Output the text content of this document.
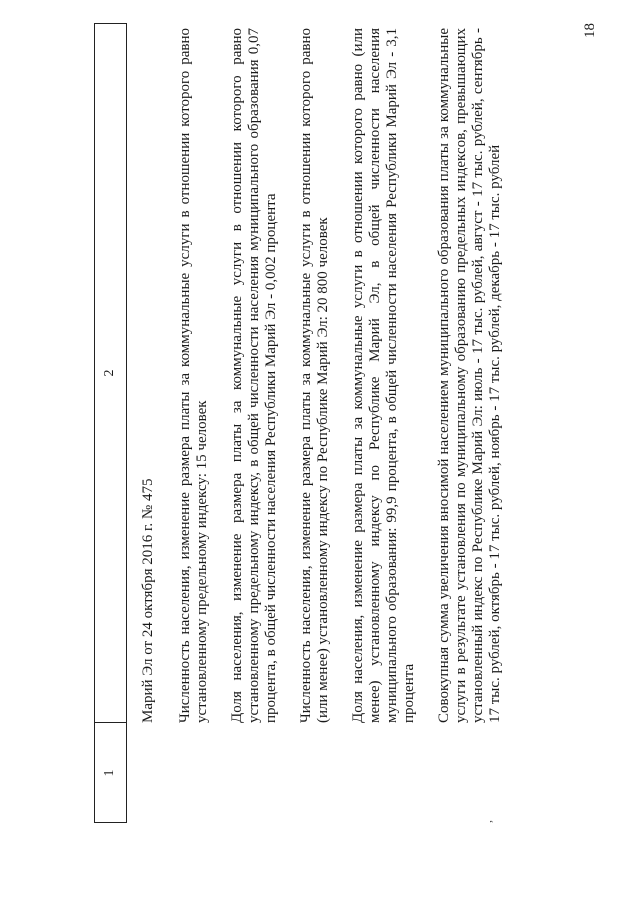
18
1
2
Марий Эл от 24 октября 2016 г. № 475 Численность населения, изменение размера платы за коммунальные услуги в отношении которого равно установленному предельному индексу: 15 человек Доля населения, изменение размера платы за коммунальные услуги в отношении которого равно установленному предельному индексу, в общей численности населения муниципального образования 0,07 процента, в общей численности населения Республики Марий Эл - 0,002 процента Численность населения, изменение размера платы за коммунальные услуги в отношении которого равно (или менее) установленному индексу по Республике Марий Эл: 20 800 человек Доля населения, изменение размера платы за коммунальные услуги в отношении которого равно (или менее) установленному индексу по Республике Марий Эл, в общей численности населения муниципального образования: 99,9 процента, в общей численности населения Республики Марий Эл - 3,1 процента Совокупная сумма увеличения вносимой населением муниципального образования платы за коммунальные услуги в результате установления по муниципальному образованию предельных индексов, превышающих установленный индекс по Республике Марий Эл: июль - 17 тыс. рублей, август - 17 тыс. рублей, сентябрь - 17 тыс. рублей, октябрь - 17 тыс. рублей, ноябрь - 17 тыс. рублей, декабрь - 17 тыс. рублей
,
